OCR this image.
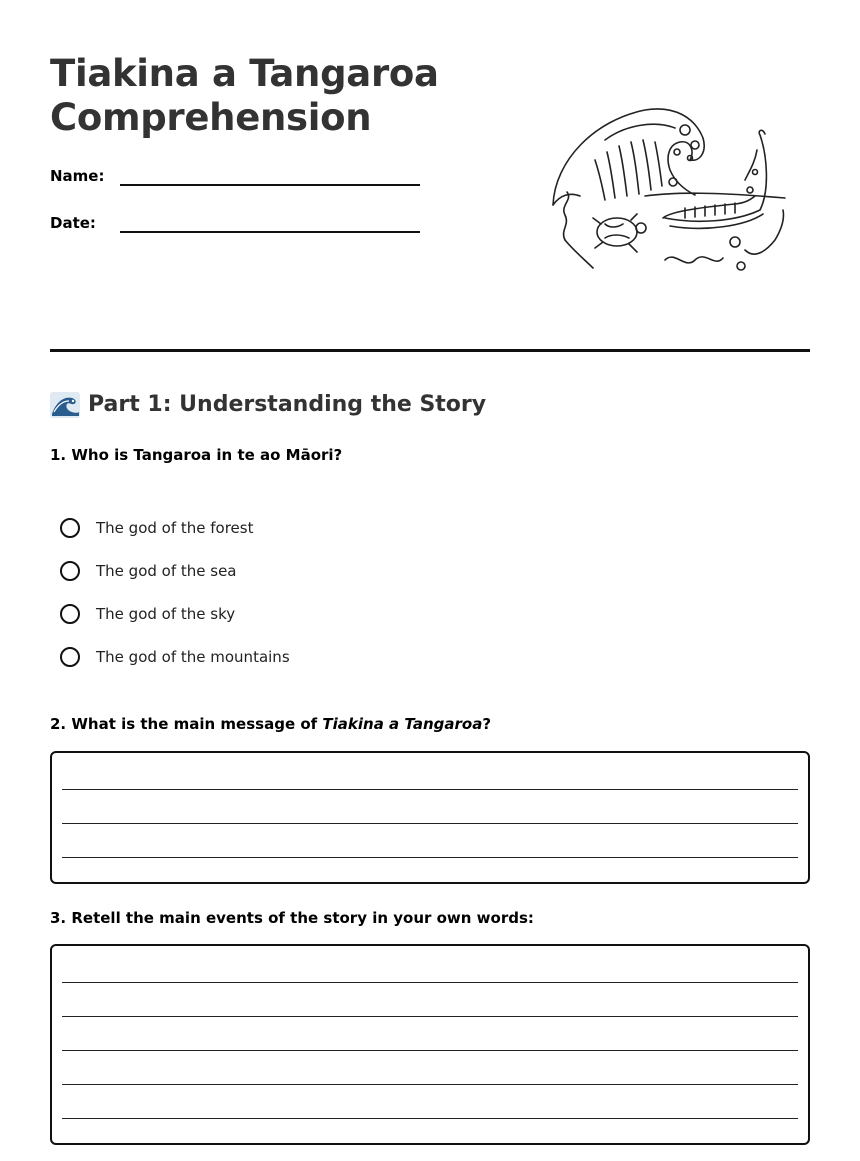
Tiakina a Tangaroa
Comprehension
Name:
Date:
Part 1: Understanding the Story

1. Who is Tangaroa in te ao Māori?

The god of the forest
The god of the sea
The god of the sky
The god of the mountains

2. What is the main message of Tiakina a Tangaroa?

3. Retell the main events of the story in your own words:
